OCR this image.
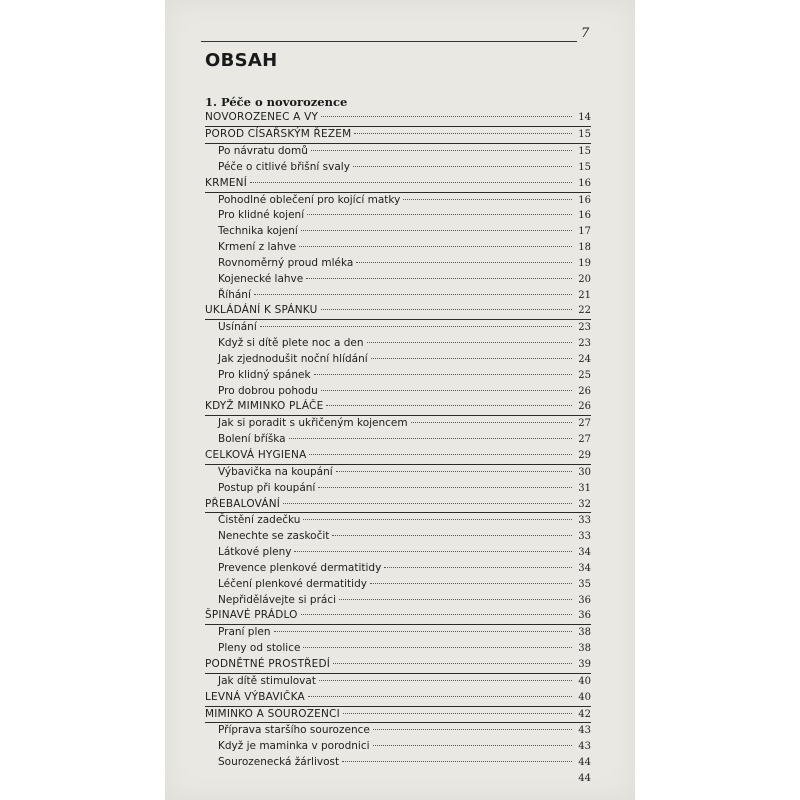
7
OBSAH
1. Péče o novorozence
NOVOROZENEC A VY	14
POROD CÍSAŘSKÝM ŘEZEM	15
Po návratu domů	15
Péče o citlivé břišní svaly	15
KRMENÍ	16
Pohodlné oblečení pro kojící matky	16
Pro klidné kojení	16
Technika kojení	17
Krmení z lahve	18
Rovnoměrný proud mléka	19
Kojenecké lahve	20
Říhání	21
UKLÁDÁNÍ K SPÁNKU	22
Usínání	23
Když si dítě plete noc a den	23
Jak zjednodušit noční hlídání	24
Pro klidný spánek	25
Pro dobrou pohodu	26
KDYŽ MIMINKO PLÁČE	26
Jak si poradit s ukřičeným kojencem	27
Bolení bříška	27
CELKOVÁ HYGIENA	29
Výbavička na koupání	30
Postup při koupání	31
PŘEBALOVÁNÍ	32
Čistění zadečku	33
Nenechte se zaskočit	33
Látkové pleny	34
Prevence plenkové dermatitidy	34
Léčení plenkové dermatitidy	35
Nepřidělávejte si práci	36
ŠPINAVÉ PRÁDLO	36
Praní plen	38
Pleny od stolice	38
PODNĚTNÉ PROSTŘEDÍ	39
Jak dítě stimulovat	40
LEVNÁ VÝBAVIČKA	40
MIMINKO A SOUROZENCI	42
Příprava staršího sourozence	43
Když je maminka v porodnici	43
Sourozenecká žárlivost	44
44
